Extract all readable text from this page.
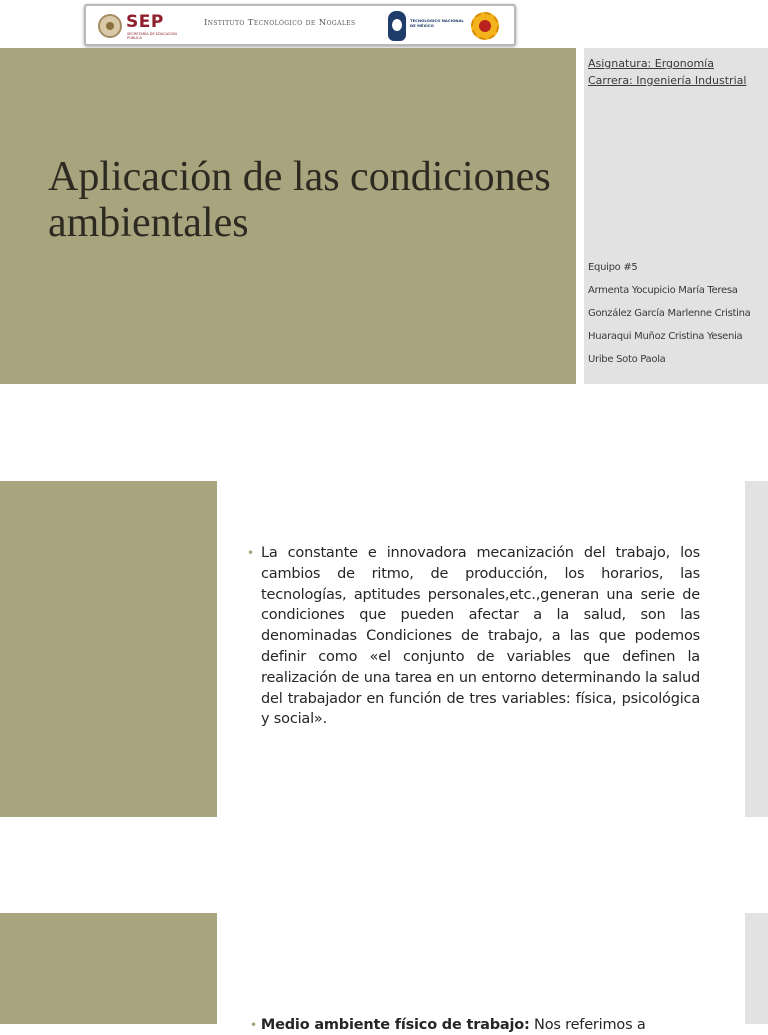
SEP
SECRETARÍA DE EDUCACIÓN PÚBLICA
Instituto Tecnológico de Nogales	TECNOLÓGICO NACIONAL DE MÉXICO
Aplicación de las condiciones ambientales
Asignatura: Ergonomía
Carrera: Ingeniería Industrial
Equipo #5
Armenta Yocupicio María Teresa
González García Marlenne Cristina
Huaraqui Muñoz Cristina Yesenia
Uribe Soto Paola
• La constante e innovadora mecanización del trabajo, los cambios de ritmo, de producción, los horarios, las tecnologías, aptitudes personales,etc.,generan una serie de condiciones que pueden afectar a la salud, son las denominadas Condiciones de trabajo, a las que podemos definir como «el conjunto de variables que definen la realización de una tarea en un entorno determinando la salud del trabajador en función de tres variables: física, psicológica y social».
• Medio ambiente físico de trabajo: Nos referimos a
